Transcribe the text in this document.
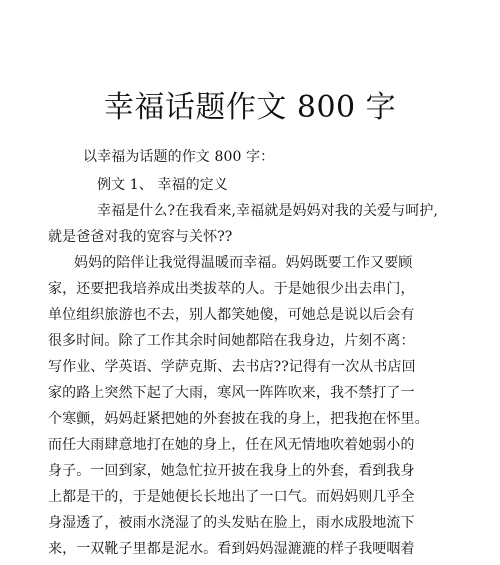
幸福话题作文 800 字
以幸福为话题的作文 800 字：
例文 1、 幸福的定义
幸福是什么?在我看来,幸福就是妈妈对我的关爱与呵护,
就是爸爸对我的宽容与关怀??
妈妈的陪伴让我觉得温暖而幸福。妈妈既要工作又要顾
家，还要把我培养成出类拔萃的人。于是她很少出去串门，
单位组织旅游也不去，别人都笑她傻，可她总是说以后会有
很多时间。除了工作其余时间她都陪在我身边，片刻不离：
写作业、学英语、学萨克斯、去书店??记得有一次从书店回
家的路上突然下起了大雨，寒风一阵阵吹来，我不禁打了一
个寒颤，妈妈赶紧把她的外套披在我的身上，把我抱在怀里。
而任大雨肆意地打在她的身上，任在风无情地吹着她弱小的
身子。一回到家，她急忙拉开披在我身上的外套，看到我身
上都是干的，于是她便长长地出了一口气。而妈妈则几乎全
身湿透了，被雨水浇湿了的头发贴在脸上，雨水成股地流下
来，一双靴子里都是泥水。看到妈妈湿漉漉的样子我哽咽着
